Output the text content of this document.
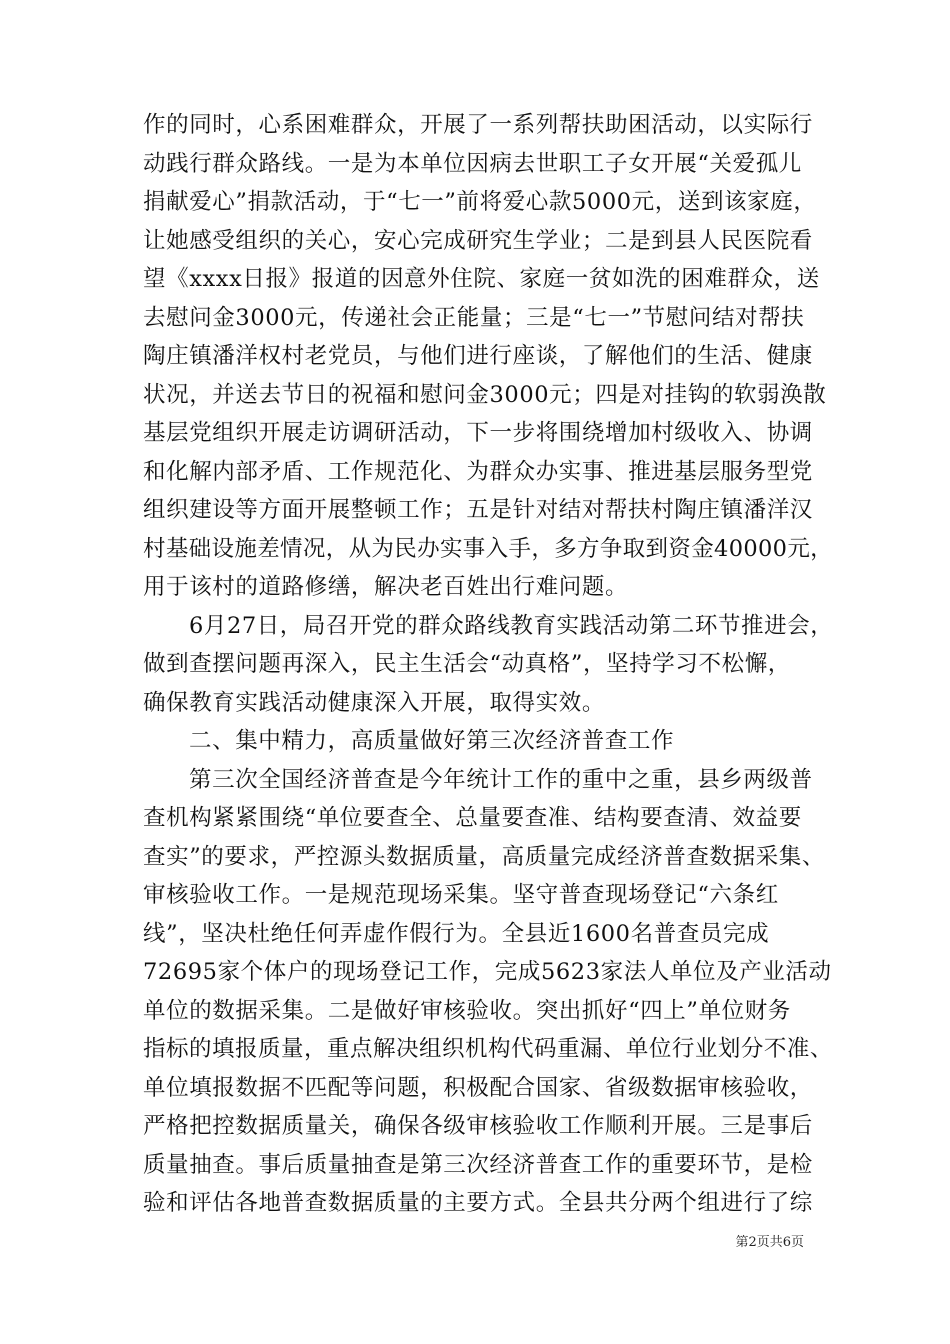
作的同时，心系困难群众，开展了一系列帮扶助困活动，以实际行
动践行群众路线。一是为本单位因病去世职工子女开展“关爱孤儿
捐献爱心”捐款活动，于“七一”前将爱心款5000元，送到该家庭，
让她感受组织的关心，安心完成研究生学业；二是到县人民医院看
望《xxxx日报》报道的因意外住院、家庭一贫如洗的困难群众，送
去慰问金3000元，传递社会正能量；三是“七一”节慰问结对帮扶
陶庄镇潘洋权村老党员，与他们进行座谈，了解他们的生活、健康
状况，并送去节日的祝福和慰问金3000元；四是对挂钩的软弱涣散
基层党组织开展走访调研活动，下一步将围绕增加村级收入、协调
和化解内部矛盾、工作规范化、为群众办实事、推进基层服务型党
组织建设等方面开展整顿工作；五是针对结对帮扶村陶庄镇潘洋汉
村基础设施差情况，从为民办实事入手，多方争取到资金40000元，
用于该村的道路修缮，解决老百姓出行难问题。
6月27日，局召开党的群众路线教育实践活动第二环节推进会，
做到查摆问题再深入，民主生活会“动真格”，坚持学习不松懈，
确保教育实践活动健康深入开展，取得实效。
二、集中精力，高质量做好第三次经济普查工作
第三次全国经济普查是今年统计工作的重中之重，县乡两级普
查机构紧紧围绕“单位要查全、总量要查准、结构要查清、效益要
查实”的要求，严控源头数据质量，高质量完成经济普查数据采集、
审核验收工作。一是规范现场采集。坚守普查现场登记“六条红
线”，坚决杜绝任何弄虚作假行为。全县近1600名普查员完成
72695家个体户的现场登记工作，完成5623家法人单位及产业活动
单位的数据采集。二是做好审核验收。突出抓好“四上”单位财务
指标的填报质量，重点解决组织机构代码重漏、单位行业划分不准、
单位填报数据不匹配等问题，积极配合国家、省级数据审核验收，
严格把控数据质量关，确保各级审核验收工作顺利开展。三是事后
质量抽查。事后质量抽查是第三次经济普查工作的重要环节，是检
验和评估各地普查数据质量的主要方式。全县共分两个组进行了综
第2页共6页
